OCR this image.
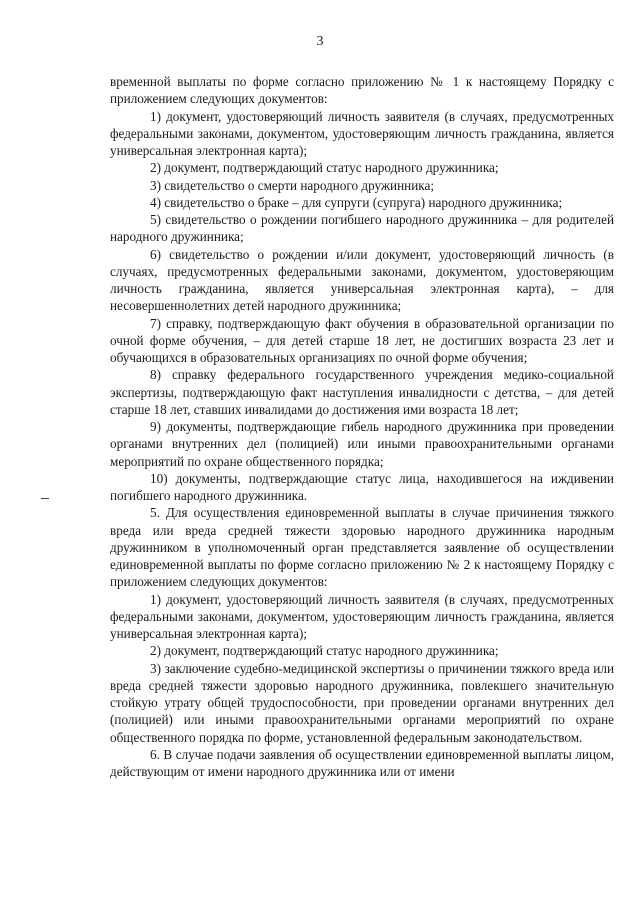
3

временной выплаты по форме согласно приложению № 1 к настоящему Порядку с приложением следующих документов:

1) документ, удостоверяющий личность заявителя (в случаях, предусмотренных федеральными законами, документом, удостоверяющим личность гражданина, является универсальная электронная карта);

2) документ, подтверждающий статус народного дружинника;

3) свидетельство о смерти народного дружинника;

4) свидетельство о браке – для супруги (супруга) народного дружинника;

5) свидетельство о рождении погибшего народного дружинника – для родителей народного дружинника;

6) свидетельство о рождении и/или документ, удостоверяющий личность (в случаях, предусмотренных федеральными законами, документом, удостоверяющим личность гражданина, является универсальная электронная карта), – для несовершеннолетних детей народного дружинника;

7) справку, подтверждающую факт обучения в образовательной организации по очной форме обучения, – для детей старше 18 лет, не достигших возраста 23 лет и обучающихся в образовательных организациях по очной форме обучения;

8) справку федерального государственного учреждения медико-социальной экспертизы, подтверждающую факт наступления инвалидности с детства, – для детей старше 18 лет, ставших инвалидами до достижения ими возраста 18 лет;

9) документы, подтверждающие гибель народного дружинника при проведении органами внутренних дел (полицией) или иными правоохранительными органами мероприятий по охране общественного порядка;

10) документы, подтверждающие статус лица, находившегося на иждивении погибшего народного дружинника.

5. Для осуществления единовременной выплаты в случае причинения тяжкого вреда или вреда средней тяжести здоровью народного дружинника народным дружинником в уполномоченный орган представляется заявление об осуществлении единовременной выплаты по форме согласно приложению № 2 к настоящему Порядку с приложением следующих документов:

1) документ, удостоверяющий личность заявителя (в случаях, предусмотренных федеральными законами, документом, удостоверяющим личность гражданина, является универсальная электронная карта);

2) документ, подтверждающий статус народного дружинника;

3) заключение судебно-медицинской экспертизы о причинении тяжкого вреда или вреда средней тяжести здоровью народного дружинника, повлекшего значительную стойкую утрату общей трудоспособности, при проведении органами внутренних дел (полицией) или иными правоохранительными органами мероприятий по охране общественного порядка по форме, установленной федеральным законодательством.

6. В случае подачи заявления об осуществлении единовременной выплаты лицом, действующим от имени народного дружинника или от имени
